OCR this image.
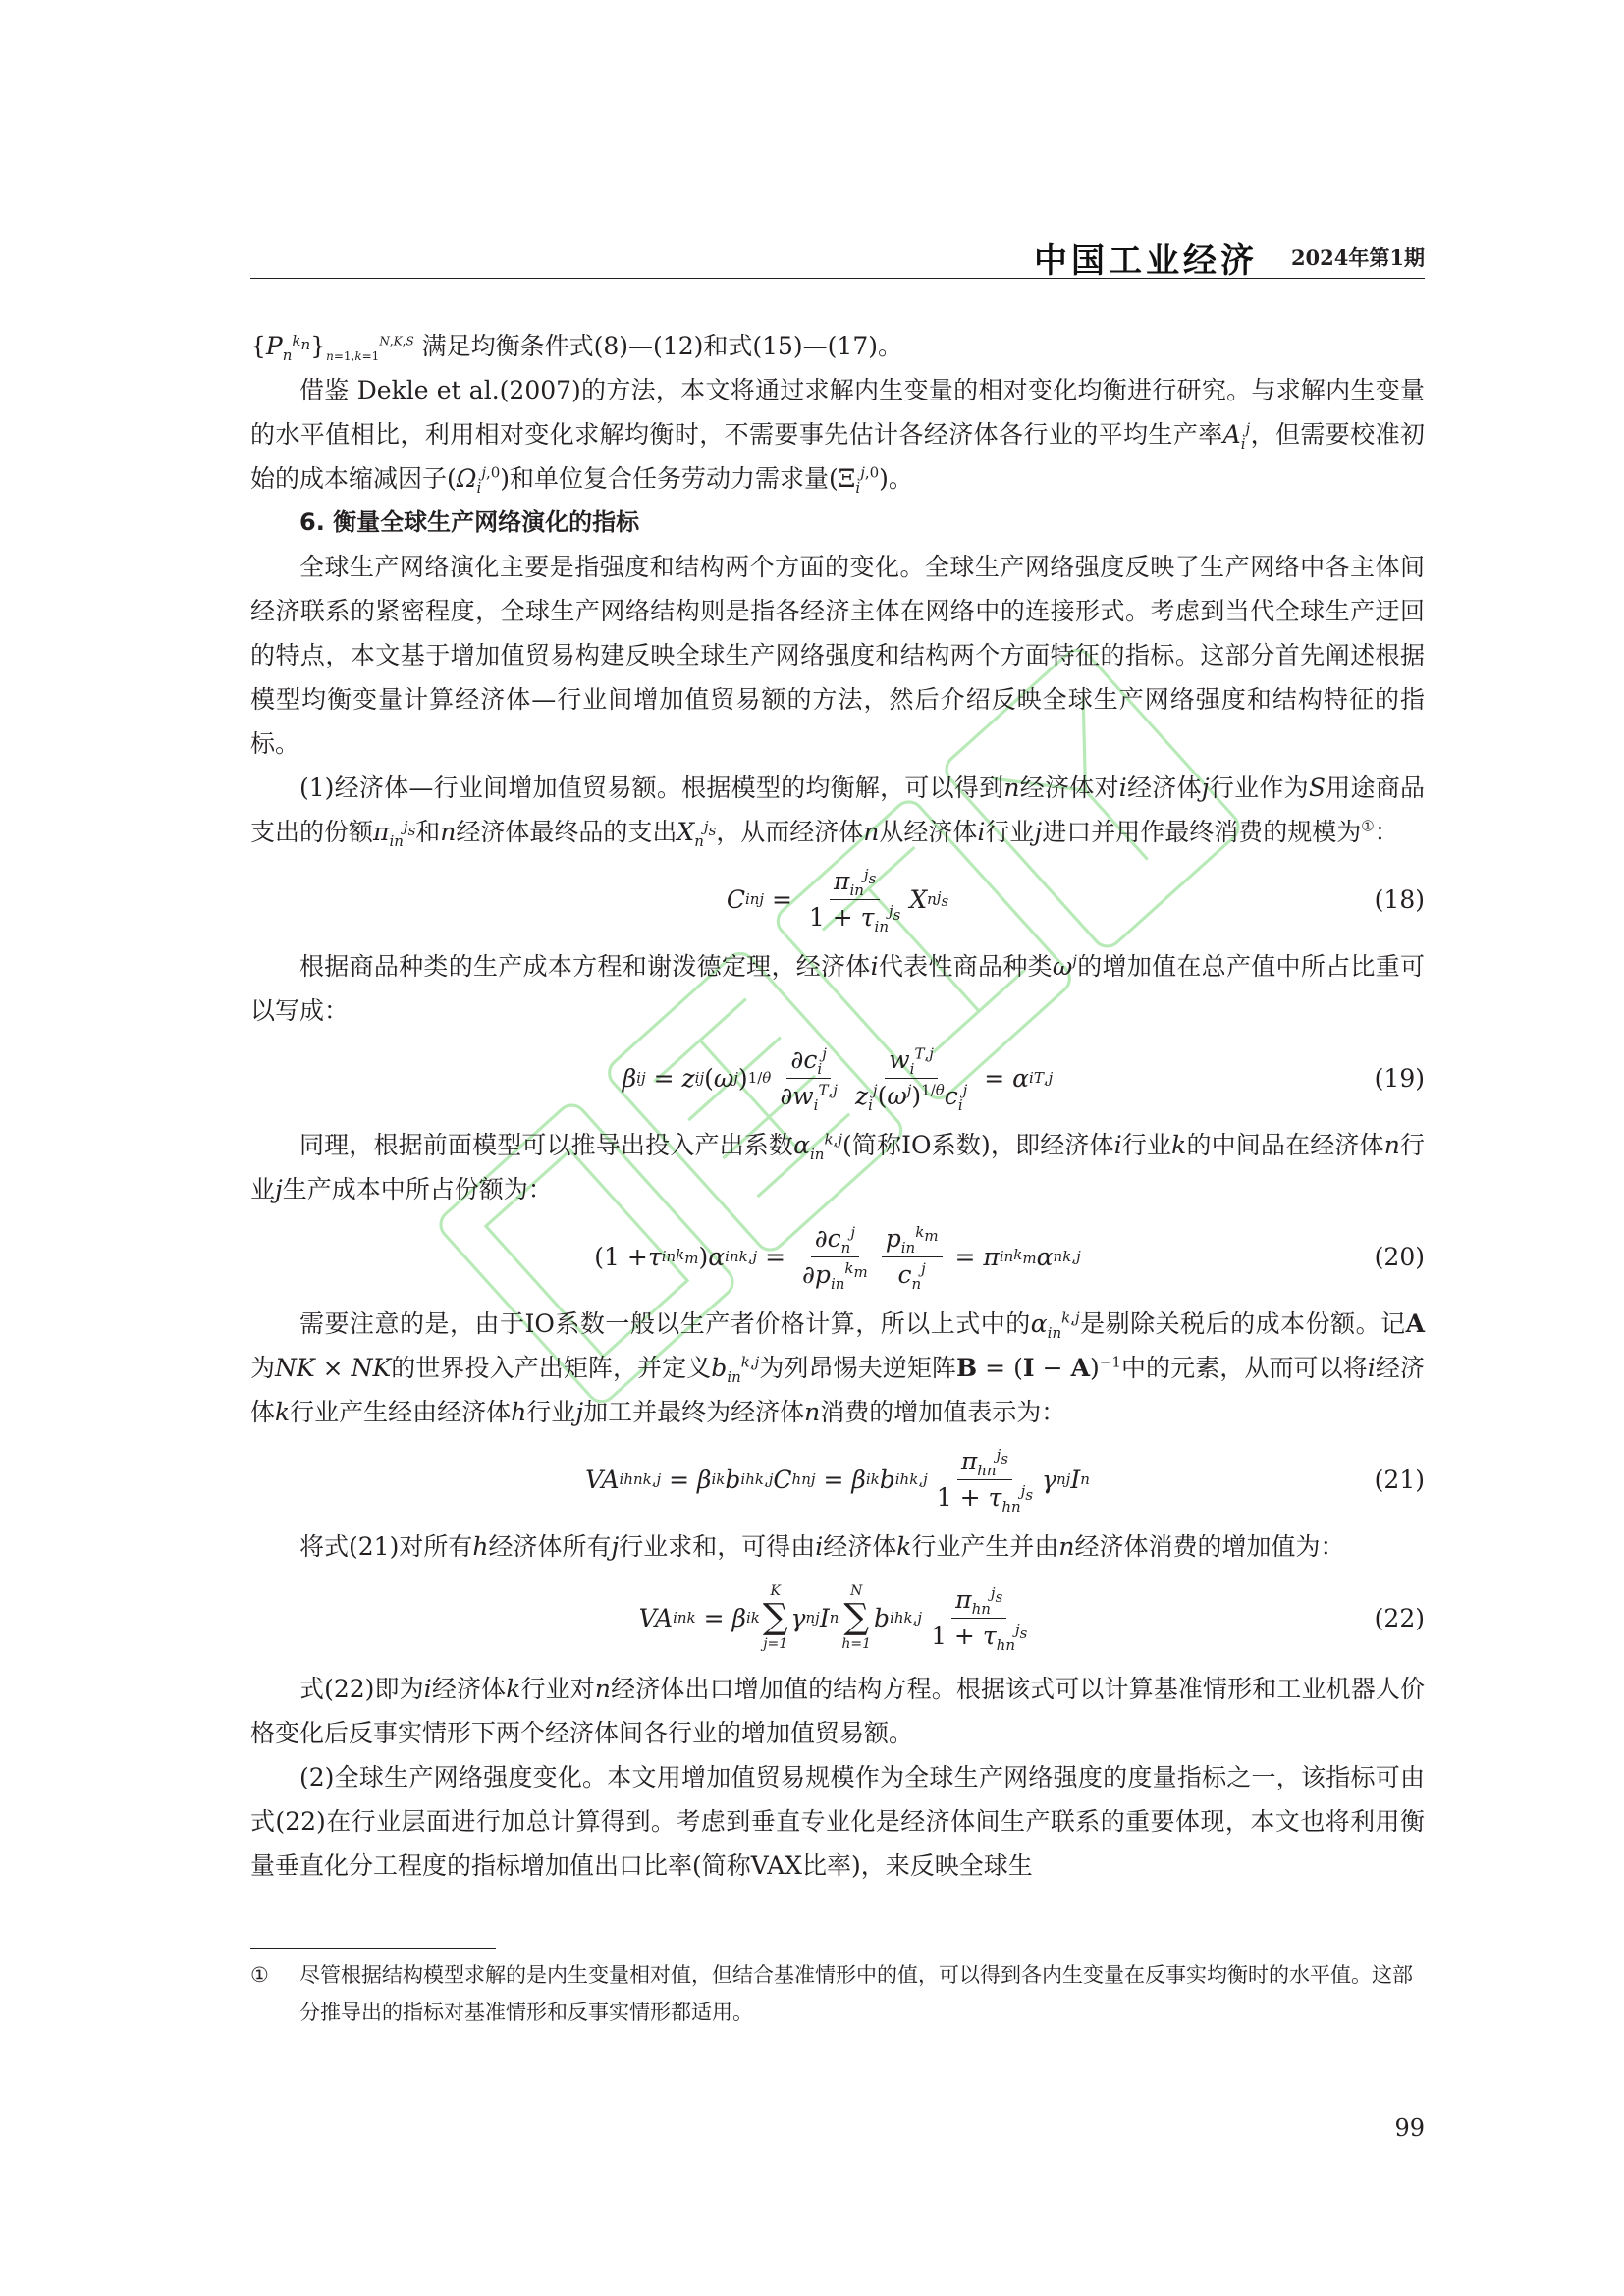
中国工业经济 2024年第1期

$\{P_n^{k_n}\}_{n=1,k=1}^{N,K,S}$ 满足均衡条件式(8)—(12)和式(15)—(17)。

借鉴 Dekle et al.(2007)的方法，本文将通过求解内生变量的相对变化均衡进行研究。与求解内生变量的水平值相比，利用相对变化求解均衡时，不需要事先估计各经济体各行业的平均生产率$A_i^j$，但需要校准初始的成本缩减因子$(\Omega_i^{j,0})$和单位复合任务劳动力需求量$(\Xi_i^{j,0})$。

6. 衡量全球生产网络演化的指标

全球生产网络演化主要是指强度和结构两个方面的变化。全球生产网络强度反映了生产网络中各主体间经济联系的紧密程度，全球生产网络结构则是指各经济主体在网络中的连接形式。考虑到当代全球生产迂回的特点，本文基于增加值贸易构建反映全球生产网络强度和结构两个方面特征的指标。这部分首先阐述根据模型均衡变量计算经济体—行业间增加值贸易额的方法，然后介绍反映全球生产网络强度和结构特征的指标。

(1)经济体—行业间增加值贸易额。根据模型的均衡解，可以得到n经济体对i经济体j行业作为S用途商品支出的份额$\pi_{in}^{j_s}$和n经济体最终品的支出$X_n^{j_s}$，从而经济体n从经济体i行业j进口并用作最终消费的规模为①：

C in $j = \frac{\pi_{in}^{j_s}}{1 + \tau_{in}^{j_s}}$ X n $j_s$	(18)

根据商品种类的生产成本方程和谢泼德定理，经济体i代表性商品种类$\omega^j$的增加值在总产值中所占比重可以写成：

β i j = z i j ( ω j ) $1/\theta \frac{\partial c_i^j}{\partial w_i^{T,j}} \frac{w_i^{T,j}}{z_i^j(\omega^j)^{1/\theta}c_i^j} = \alpha$ i T,j	(19)

同理，根据前面模型可以推导出投入产出系数$\alpha_{in}^{k,j}$(简称IO系数)，即经济体i行业k的中间品在经济体n行业j生产成本中所占份额为：

(1 + τ in $k_m$ ) α in $k,j = \frac{\partial c_n^j}{\partial p_{in}^{k_m}} \frac{p_{in}^{k_m}}{c_n^j} = \pi$ in $k_m$ α n k,j	(20)

需要注意的是，由于IO系数一般以生产者价格计算，所以上式中的$\alpha_{in}^{k,j}$是剔除关税后的成本份额。记A为NK × NK的世界投入产出矩阵，并定义$b_{in}^{k,j}$为列昂惕夫逆矩阵$B = (I - A)^{-1}$中的元素，从而可以将i经济体k行业产生经由经济体h行业j加工并最终为经济体n消费的增加值表示为：

VA ihn k,j = β i k b ih k,j C hn j = β i k b ih $k,j \frac{\pi_{hn}^{j_s}}{1 + \tau_{hn}^{j_s}}$ γ n j I n	(21)

将式(21)对所有h经济体所有j行业求和，可得由i经济体k行业产生并由n经济体消费的增加值为：

VA in k = β i k
K
∑
j=1
γ n j I n
N
∑
h=1
b ih $k,j \frac{\pi_{hn}^{j_s}}{1 + \tau_{hn}^{j_s}}$	(22)

式(22)即为i经济体k行业对n经济体出口增加值的结构方程。根据该式可以计算基准情形和工业机器人价格变化后反事实情形下两个经济体间各行业的增加值贸易额。

(2)全球生产网络强度变化。本文用增加值贸易规模作为全球生产网络强度的度量指标之一，该指标可由式(22)在行业层面进行加总计算得到。考虑到垂直专业化是经济体间生产联系的重要体现，本文也将利用衡量垂直化分工程度的指标增加值出口比率(简称VAX比率)，来反映全球生

① 尽管根据结构模型求解的是内生变量相对值，但结合基准情形中的值，可以得到各内生变量在反事实均衡时的水平值。这部分推导出的指标对基准情形和反事实情形都适用。
99
